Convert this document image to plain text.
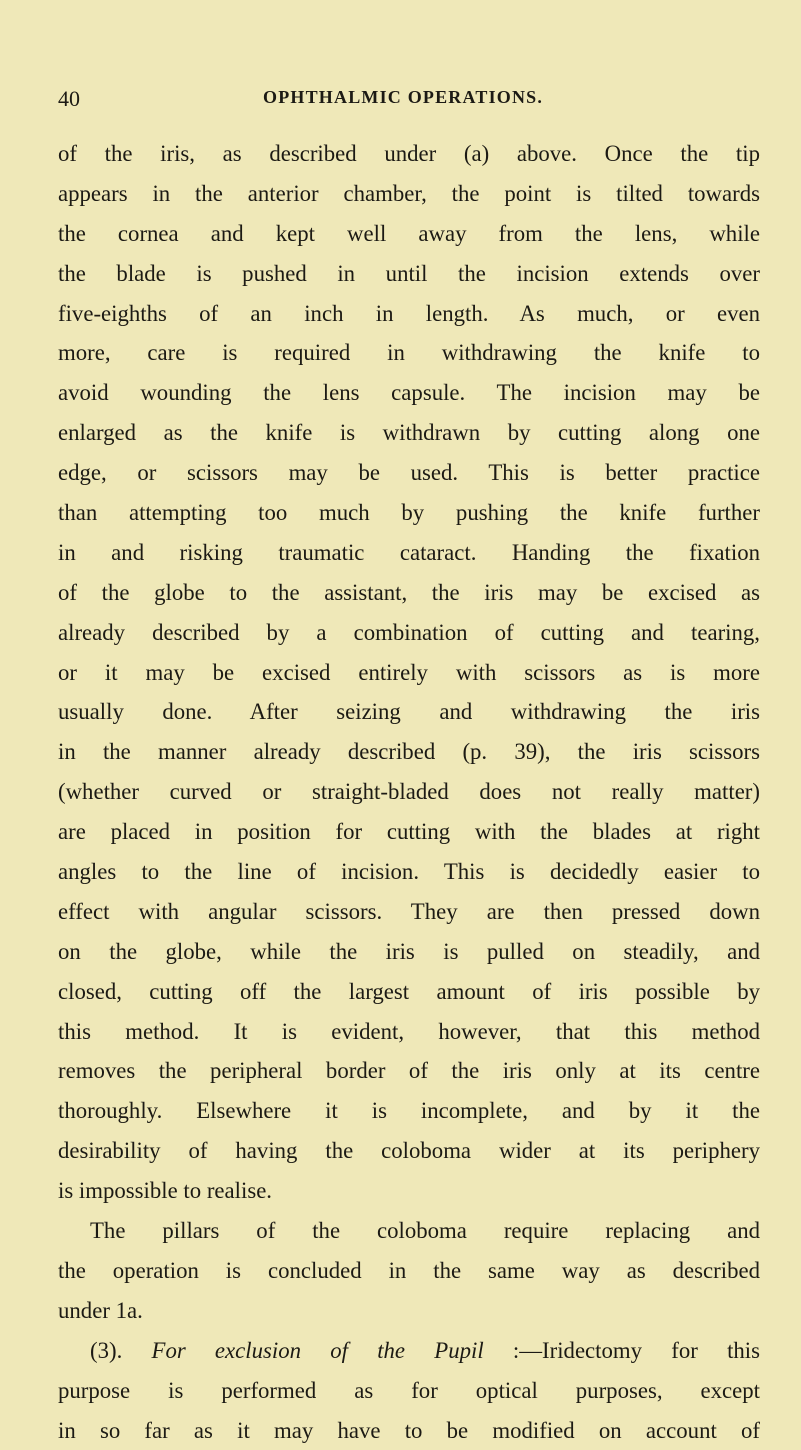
40	OPHTHALMIC OPERATIONS.
of the iris, as described under (a) above. Once the tip
appears in the anterior chamber, the point is tilted towards
the cornea and kept well away from the lens, while
the blade is pushed in until the incision extends over
five-eighths of an inch in length. As much, or even
more, care is required in withdrawing the knife to
avoid wounding the lens capsule. The incision may be
enlarged as the knife is withdrawn by cutting along one
edge, or scissors may be used. This is better practice
than attempting too much by pushing the knife further
in and risking traumatic cataract. Handing the fixation
of the globe to the assistant, the iris may be excised as
already described by a combination of cutting and tearing,
or it may be excised entirely with scissors as is more
usually done. After seizing and withdrawing the iris
in the manner already described (p. 39), the iris scissors
(whether curved or straight-bladed does not really matter)
are placed in position for cutting with the blades at right
angles to the line of incision. This is decidedly easier to
effect with angular scissors. They are then pressed down
on the globe, while the iris is pulled on steadily, and
closed, cutting off the largest amount of iris possible by
this method. It is evident, however, that this method
removes the peripheral border of the iris only at its centre
thoroughly. Elsewhere it is incomplete, and by it the
desirability of having the coloboma wider at its periphery
is impossible to realise.
The pillars of the coloboma require replacing and
the operation is concluded in the same way as described
under 1a.
(3). For exclusion of the Pupil :—Iridectomy for this
purpose is performed as for optical purposes, except
in so far as it may have to be modified on account of
